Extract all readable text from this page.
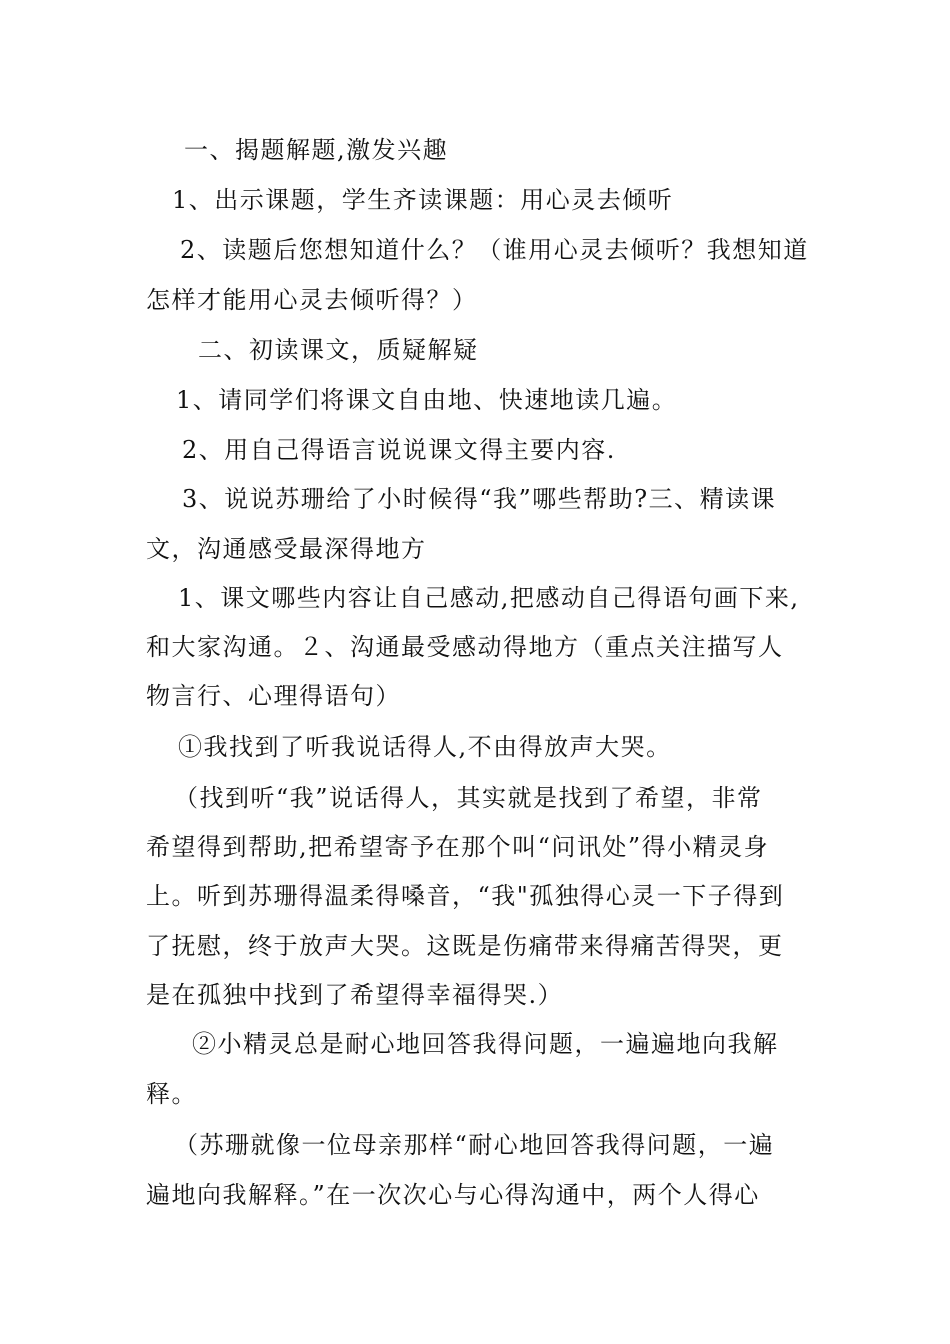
一、揭题解题,激发兴趣
1、出示课题，学生齐读课题：用心灵去倾听
2、读题后您想知道什么？（谁用心灵去倾听？我想知道
怎样才能用心灵去倾听得？）
二、初读课文，质疑解疑
1、请同学们将课文自由地、快速地读几遍。
2、用自己得语言说说课文得主要内容.
3、说说苏珊给了小时候得“我”哪些帮助?三、精读课
文，沟通感受最深得地方
1、课文哪些内容让自己感动,把感动自己得语句画下来,
和大家沟通。２、沟通最受感动得地方（重点关注描写人
物言行、心理得语句）
①我找到了听我说话得人,不由得放声大哭。
（找到听“我”说话得人，其实就是找到了希望，非常
希望得到帮助,把希望寄予在那个叫“问讯处”得小精灵身
上。听到苏珊得温柔得嗓音，“我"孤独得心灵一下子得到
了抚慰，终于放声大哭。这既是伤痛带来得痛苦得哭，更
是在孤独中找到了希望得幸福得哭.）
②小精灵总是耐心地回答我得问题，一遍遍地向我解
释。
（苏珊就像一位母亲那样“耐心地回答我得问题，一遍
遍地向我解释。”在一次次心与心得沟通中，两个人得心
